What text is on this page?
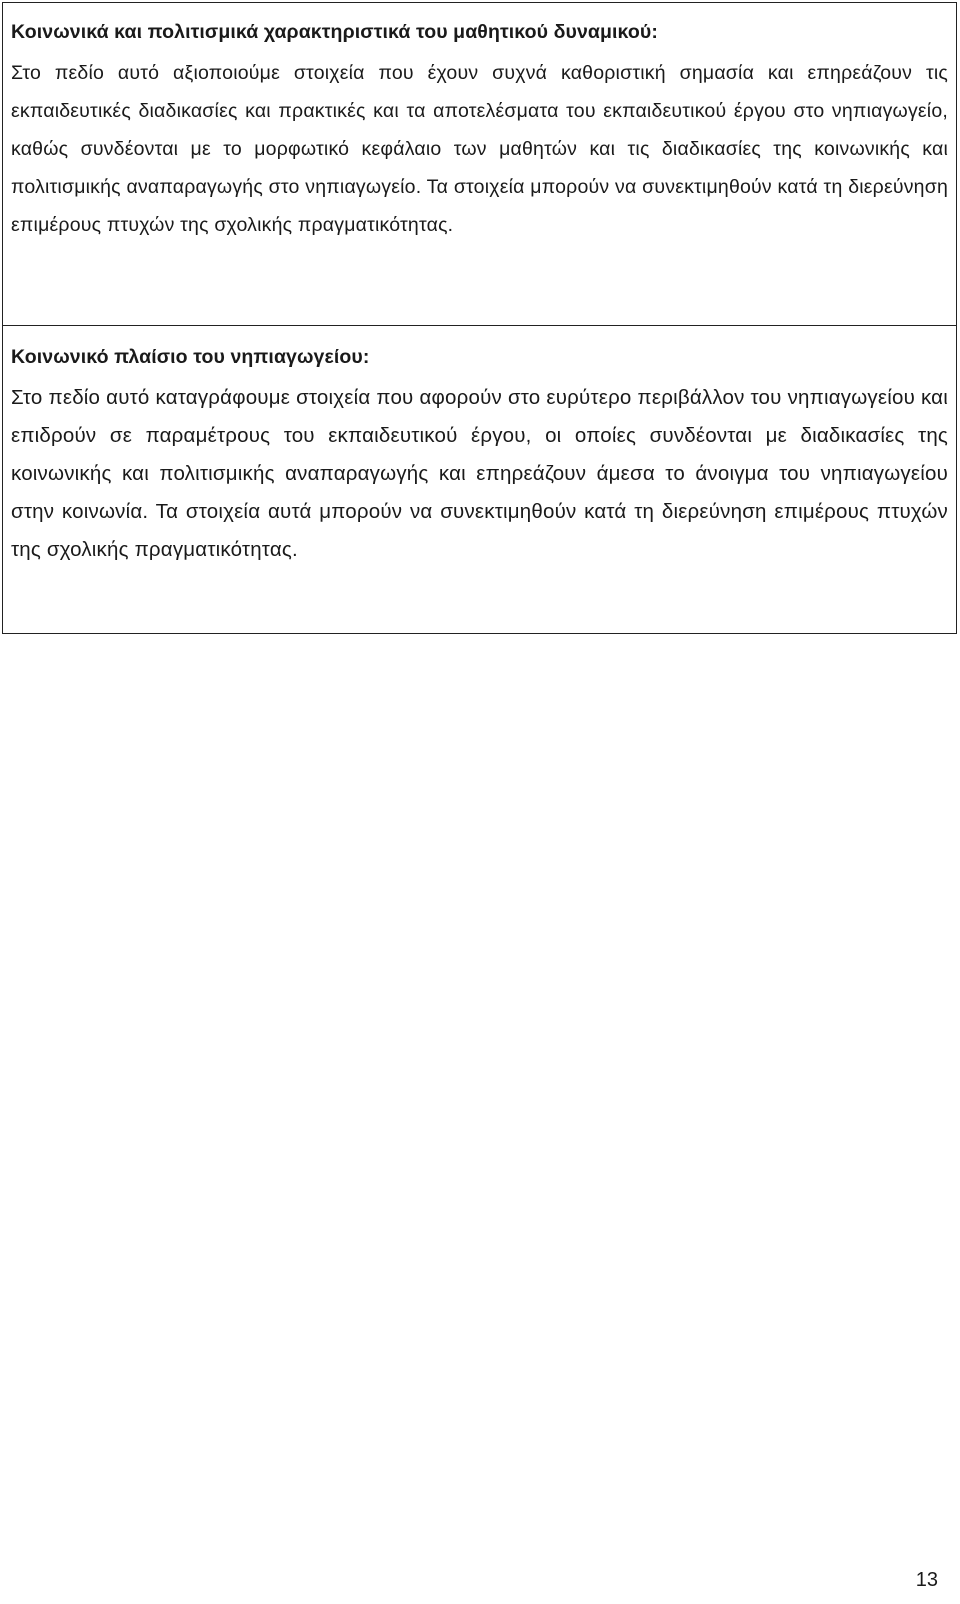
Κοινωνικά και πολιτισμικά χαρακτηριστικά του μαθητικού δυναμικού:

Στο πεδίο αυτό αξιοποιούμε στοιχεία που έχουν συχνά καθοριστική σημασία και επηρεάζουν τις εκπαιδευτικές διαδικασίες και πρακτικές και τα αποτελέσματα του εκπαιδευτικού έργου στο νηπιαγωγείο, καθώς συνδέονται με το μορφωτικό κεφάλαιο των μαθητών και τις διαδικασίες της κοινωνικής και πολιτισμικής αναπαραγωγής στο νηπιαγωγείο. Τα στοιχεία μπορούν να συνεκτιμηθούν κατά τη διερεύνηση επιμέρους πτυχών της σχολικής πραγματικότητας.

Κοινωνικό πλαίσιο του νηπιαγωγείου:

Στο πεδίο αυτό καταγράφουμε στοιχεία που αφορούν στο ευρύτερο περιβάλλον του νηπιαγωγείου και επιδρούν σε παραμέτρους του εκπαιδευτικού έργου, οι οποίες συνδέονται με διαδικασίες της κοινωνικής και πολιτισμικής αναπαραγωγής και επηρεάζουν άμεσα το άνοιγμα του νηπιαγωγείου στην κοινωνία. Τα στοιχεία αυτά μπορούν να συνεκτιμηθούν κατά τη διερεύνηση επιμέρους πτυχών της σχολικής πραγματικότητας.

13
